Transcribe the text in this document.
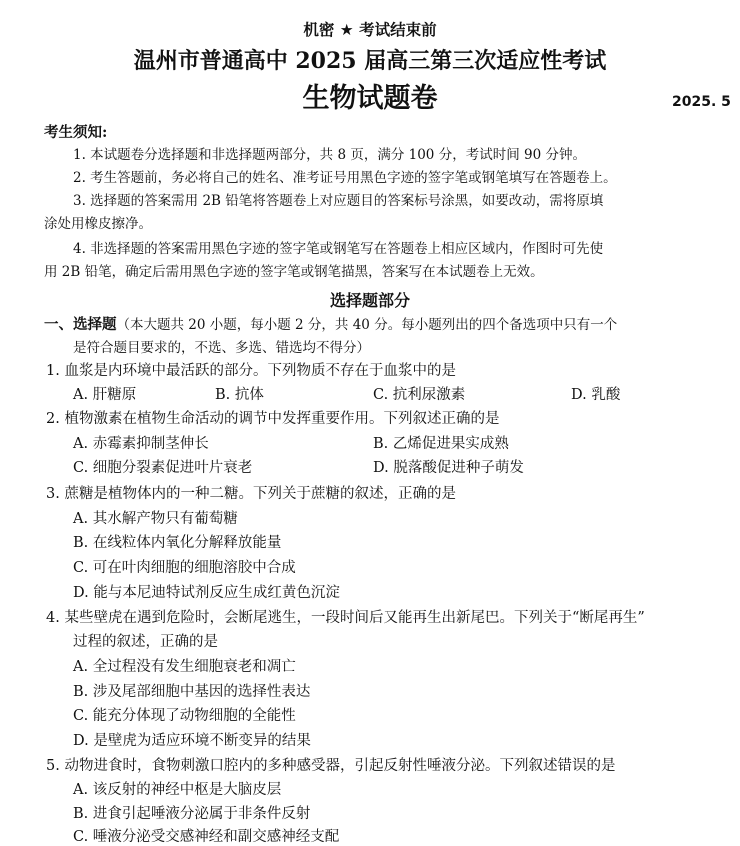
机密 ★ 考试结束前
温州市普通高中 2025 届高三第三次适应性考试
生物试题卷	2025. 5
考生须知:
1. 本试题卷分选择题和非选择题两部分，共 8 页，满分 100 分，考试时间 90 分钟。
2. 考生答题前，务必将自己的姓名、准考证号用黑色字迹的签字笔或钢笔填写在答题卷上。
3. 选择题的答案需用 2B 铅笔将答题卷上对应题目的答案标号涂黑，如要改动，需将原填
涂处用橡皮擦净。
4. 非选择题的答案需用黑色字迹的签字笔或钢笔写在答题卷上相应区域内，作图时可先使
用 2B 铅笔，确定后需用黑色字迹的签字笔或钢笔描黑，答案写在本试题卷上无效。
选择题部分
一、选择题（本大题共 20 小题，每小题 2 分，共 40 分。每小题列出的四个备选项中只有一个
是符合题目要求的，不选、多选、错选均不得分）
1. 血浆是内环境中最活跃的部分。下列物质不存在于血浆中的是
A. 肝糖原	B. 抗体	C. 抗利尿激素	D. 乳酸
2. 植物激素在植物生命活动的调节中发挥重要作用。下列叙述正确的是
A. 赤霉素抑制茎伸长	B. 乙烯促进果实成熟
C. 细胞分裂素促进叶片衰老	D. 脱落酸促进种子萌发
3. 蔗糖是植物体内的一种二糖。下列关于蔗糖的叙述，正确的是
A. 其水解产物只有葡萄糖
B. 在线粒体内氧化分解释放能量
C. 可在叶肉细胞的细胞溶胶中合成
D. 能与本尼迪特试剂反应生成红黄色沉淀
4. 某些壁虎在遇到危险时，会断尾逃生，一段时间后又能再生出新尾巴。下列关于“断尾再生”
过程的叙述，正确的是
A. 全过程没有发生细胞衰老和凋亡
B. 涉及尾部细胞中基因的选择性表达
C. 能充分体现了动物细胞的全能性
D. 是壁虎为适应环境不断变异的结果
5. 动物进食时，食物刺激口腔内的多种感受器，引起反射性唾液分泌。下列叙述错误的是
A. 该反射的神经中枢是大脑皮层
B. 进食引起唾液分泌属于非条件反射
C. 唾液分泌受交感神经和副交感神经支配
